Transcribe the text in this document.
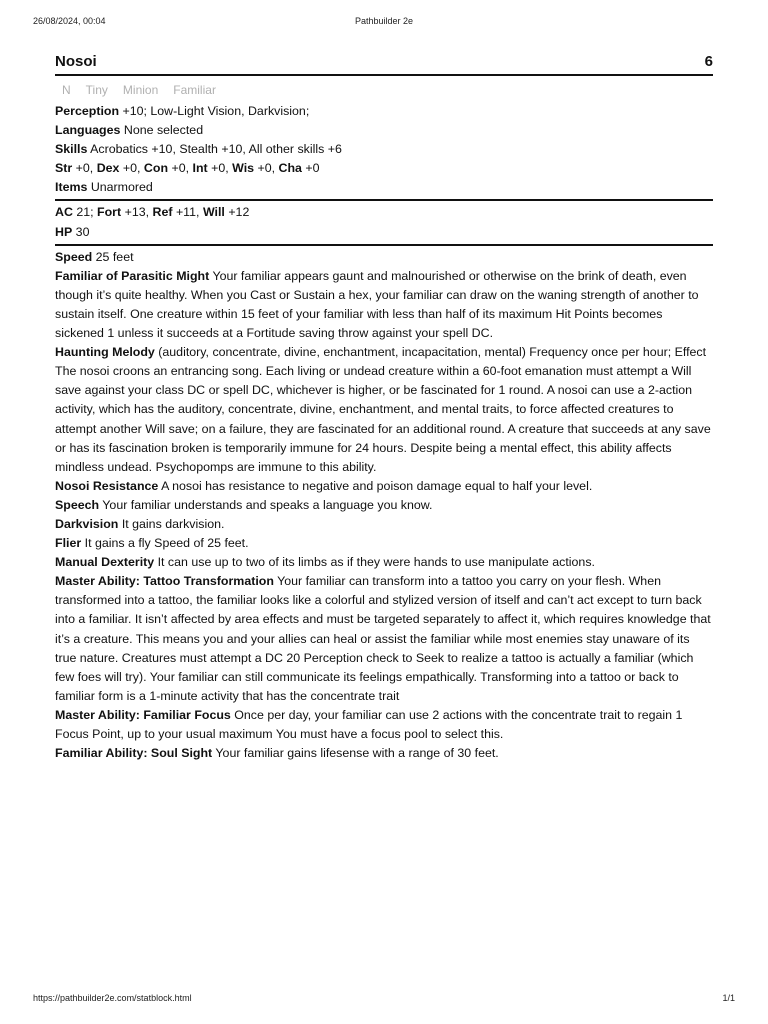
26/08/2024, 00:04	Pathbuilder 2e
Nosoi	6
N	Tiny	Minion	Familiar

Perception +10; Low-Light Vision, Darkvision;

Languages None selected

Skills Acrobatics +10, Stealth +10, All other skills +6

Str +0, Dex +0, Con +0, Int +0, Wis +0, Cha +0

Items Unarmored

AC 21; Fort +13, Ref +11, Will +12

HP 30

Speed 25 feet

Familiar of Parasitic Might Your familiar appears gaunt and malnourished or otherwise on the brink of death, even though it’s quite healthy. When you Cast or Sustain a hex, your familiar can draw on the waning strength of another to sustain itself. One creature within 15 feet of your familiar with less than half of its maximum Hit Points becomes sickened 1 unless it succeeds at a Fortitude saving throw against your spell DC.

Haunting Melody (auditory, concentrate, divine, enchantment, incapacitation, mental) Frequency once per hour; Effect The nosoi croons an entrancing song. Each living or undead creature within a 60-foot emanation must attempt a Will save against your class DC or spell DC, whichever is higher, or be fascinated for 1 round. A nosoi can use a 2-action activity, which has the auditory, concentrate, divine, enchantment, and mental traits, to force affected creatures to attempt another Will save; on a failure, they are fascinated for an additional round. A creature that succeeds at any save or has its fascination broken is temporarily immune for 24 hours. Despite being a mental effect, this ability affects mindless undead. Psychopomps are immune to this ability.

Nosoi Resistance A nosoi has resistance to negative and poison damage equal to half your level.

Speech Your familiar understands and speaks a language you know.

Darkvision It gains darkvision.

Flier It gains a fly Speed of 25 feet.

Manual Dexterity It can use up to two of its limbs as if they were hands to use manipulate actions.

Master Ability: Tattoo Transformation Your familiar can transform into a tattoo you carry on your flesh. When transformed into a tattoo, the familiar looks like a colorful and stylized version of itself and can’t act except to turn back into a familiar. It isn’t affected by area effects and must be targeted separately to affect it, which requires knowledge that it’s a creature. This means you and your allies can heal or assist the familiar while most enemies stay unaware of its true nature. Creatures must attempt a DC 20 Perception check to Seek to realize a tattoo is actually a familiar (which few foes will try). Your familiar can still communicate its feelings empathically. Transforming into a tattoo or back to familiar form is a 1-minute activity that has the concentrate trait

Master Ability: Familiar Focus Once per day, your familiar can use 2 actions with the concentrate trait to regain 1 Focus Point, up to your usual maximum You must have a focus pool to select this.

Familiar Ability: Soul Sight Your familiar gains lifesense with a range of 30 feet.

https://pathbuilder2e.com/statblock.html	1/1
